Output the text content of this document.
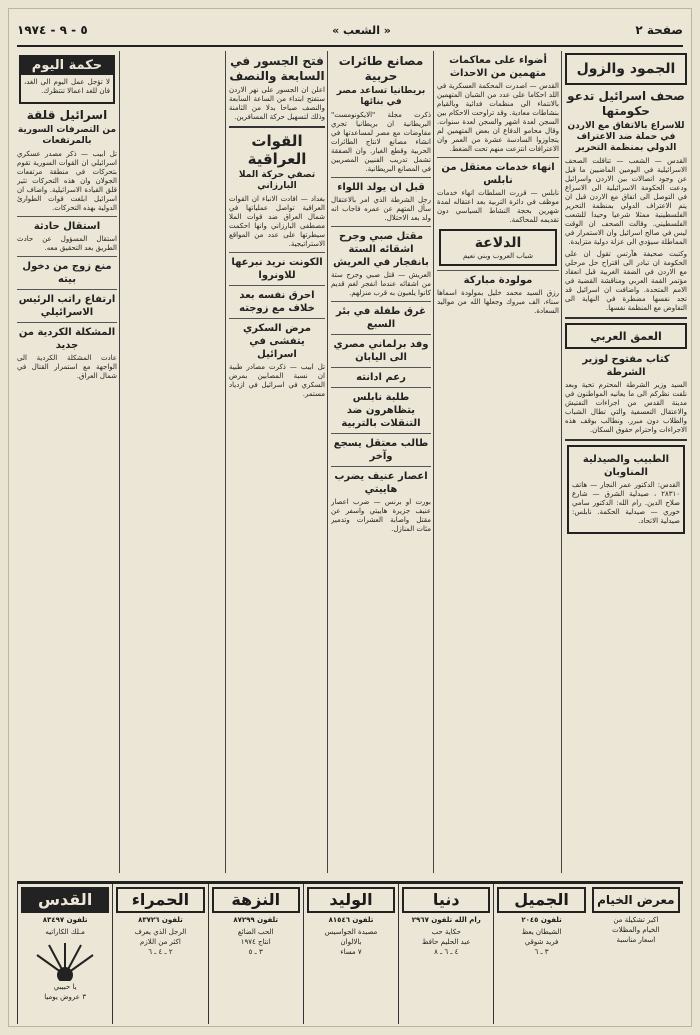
صفحة ٢
« الشعب »
٥ - ٩ - ١٩٧٤
الجمود والزول
صحف اسرائيل تدعو حكومتها
للاسراع بالاتفاق مع الاردن في حملة ضد الاعتراف الدولي بمنظمة التحرير

القدس — الشعب — تناقلت الصحف الاسرائيلية في اليومين الماضيين ما قيل عن وجود اتصالات بين الاردن واسرائيل ودعت الحكومة الاسرائيلية الى الاسراع في التوصل الى اتفاق مع الاردن قبل ان يتم الاعتراف الدولي بمنظمة التحرير الفلسطينية ممثلا شرعيا وحيدا للشعب الفلسطيني. وقالت الصحف ان الوقت ليس في صالح اسرائيل وان الاستمرار في المماطلة سيؤدي الى عزلة دولية متزايدة.

وكتبت صحيفة هآرتس تقول ان على الحكومة ان تبادر الى اقتراح حل مرحلي مع الاردن في الضفة الغربية قبل انعقاد مؤتمر القمة العربي ومناقشة القضية في الامم المتحدة. واضافت ان اسرائيل قد تجد نفسها مضطرة في النهاية الى التفاوض مع المنظمة نفسها.

العمق العربي
كتاب مفتوح لوزير الشرطة

السيد وزير الشرطة المحترم تحية وبعد نلفت نظركم الى ما يعانيه المواطنون في مدينة القدس من اجراءات التفتيش والاعتقال التعسفية والتي تطال الشباب والطلاب دون مبرر. ونطالب بوقف هذه الاجراءات واحترام حقوق السكان.

الطبيب والصيدلية المناوبان

القدس: الدكتور عمر النجار — هاتف ٢٨٣١٠ ، صيدلية الشرق — شارع صلاح الدين. رام الله: الدكتور سامي خوري — صيدلية الحكمة. نابلس: صيدلية الاتحاد.

أضواء على معاكمات متهمين من الاحداث

القدس — اصدرت المحكمة العسكرية في اللد احكاما على عدد من الشبان المتهمين بالانتماء الى منظمات فدائية وبالقيام بنشاطات معادية. وقد تراوحت الاحكام بين السجن لعدة اشهر والسجن لعدة سنوات. وقال محامو الدفاع ان بعض المتهمين لم يتجاوزوا السادسة عشرة من العمر وان الاعترافات انتزعت منهم تحت الضغط.

انهاء خدمات معتقل من نابلس

نابلس — قررت السلطات انهاء خدمات موظف في دائرة التربية بعد اعتقاله لمدة شهرين بحجة النشاط السياسي دون تقديمه للمحاكمة.

الدلاعة
شباب العروب وبني نعيم
مولودة مباركة

رزق السيد محمد خليل بمولودة اسماها سناء، الف مبروك وجعلها الله من مواليد السعادة.

مصانع طائرات حربية
بريطانيا تساعد مصر في بنائها

ذكرت مجلة "الايكونومست" البريطانية ان بريطانيا تجري مفاوضات مع مصر لمساعدتها في انشاء مصانع لانتاج الطائرات الحربية وقطع الغيار. وان الصفقة تشمل تدريب الفنيين المصريين في المصانع البريطانية.

قبل ان يولد اللواء

رجل الشرطة الذي امر بالاعتقال سأل المتهم عن عمره فاجاب انه ولد بعد الاحتلال.

مقتل صبي وجرح اشقائه الستة بانفجار في العريش

العريش — قتل صبي وجرح ستة من اشقائه عندما انفجر لغم قديم كانوا يلعبون به قرب منزلهم.

غرق طفلة في بئر السبع
وفد برلماني مصري الى اليابان
رعم ادانته
طلبة نابلس يتظاهرون ضد التنقلات بالتربية
طالب معتقل يسجع وآخر
اعصار عنيف يضرب هاييتي

بورت او برنس — ضرب اعصار عنيف جزيرة هاييتي واسفر عن مقتل واصابة العشرات وتدمير مئات المنازل.

فتح الجسور في السابعة والنصف

اعلن ان الجسور على نهر الاردن ستفتح ابتداء من الساعة السابعة والنصف صباحا بدلا من الثامنة وذلك لتسهيل حركة المسافرين.

القوات العراقية
تصفي حركة الملا البارزاني

بغداد — افادت الانباء ان القوات العراقية تواصل عملياتها في شمال العراق ضد قوات الملا مصطفى البارزاني وانها احكمت سيطرتها على عدد من المواقع الاستراتيجية.

الكونت نريد نبرعها للاونروا
احرق نفسه بعد خلاف مع زوجته
مرض السكري يتفشى في اسرائيل

تل ابيب — ذكرت مصادر طبية ان نسبة المصابين بمرض السكري في اسرائيل في ازدياد مستمر.

حكمة اليوم

لا تؤجل عمل اليوم الى الغد، فان للغد اعمالا تنتظرك.

اسرائيل قلقة
من التصرفات السورية بالمرتفعات

تل ابيب — ذكر مصدر عسكري اسرائيلي ان القوات السورية تقوم بتحركات في منطقة مرتفعات الجولان وان هذه التحركات تثير قلق القيادة الاسرائيلية. واضاف ان اسرائيل ابلغت قوات الطوارئ الدولية بهذه التحركات.

استقال حادثة

استقال المسؤول عن حادث الطريق بعد التحقيق معه.

منع زوج من دخول بيته
ارتفاع راتب الرئيس الاسرائيلي
المشكلة الكردية من جديد

عادت المشكلة الكردية الى الواجهة مع استمرار القتال في شمال العراق.

القدس
تلفون ٨٣٤٩٧
مـلك الكاراتيه
يا حبيبي
٣ عروض يوميا
الحمراء
تلفون ٨٣٧٢٦
الرجل الذي يعرف
اكثر من اللازم
٢ ـ ٤ ـ ٦
النزهة
تلفون ٨٧٢٩٩
الحب الضائع
انتاج ١٩٧٤
٣ ـ ٥
الوليد
تلفون ٨١٥٤٦
مصيدة الجواسيس
بالالوان
٧ مساء
دنيا
رام الله تلفون ٢٩٦٧
حكاية حب
عبد الحليم حافظ
٤ ـ ٦ ـ ٨
الجميل
تلفون ٢٠٤٥
الشيطان يعظ
فريد شوقي
٣ ـ ٦
معرض الخيام
اكبر تشكيلة من
الخيام والمظلات
اسعار مناسبة
